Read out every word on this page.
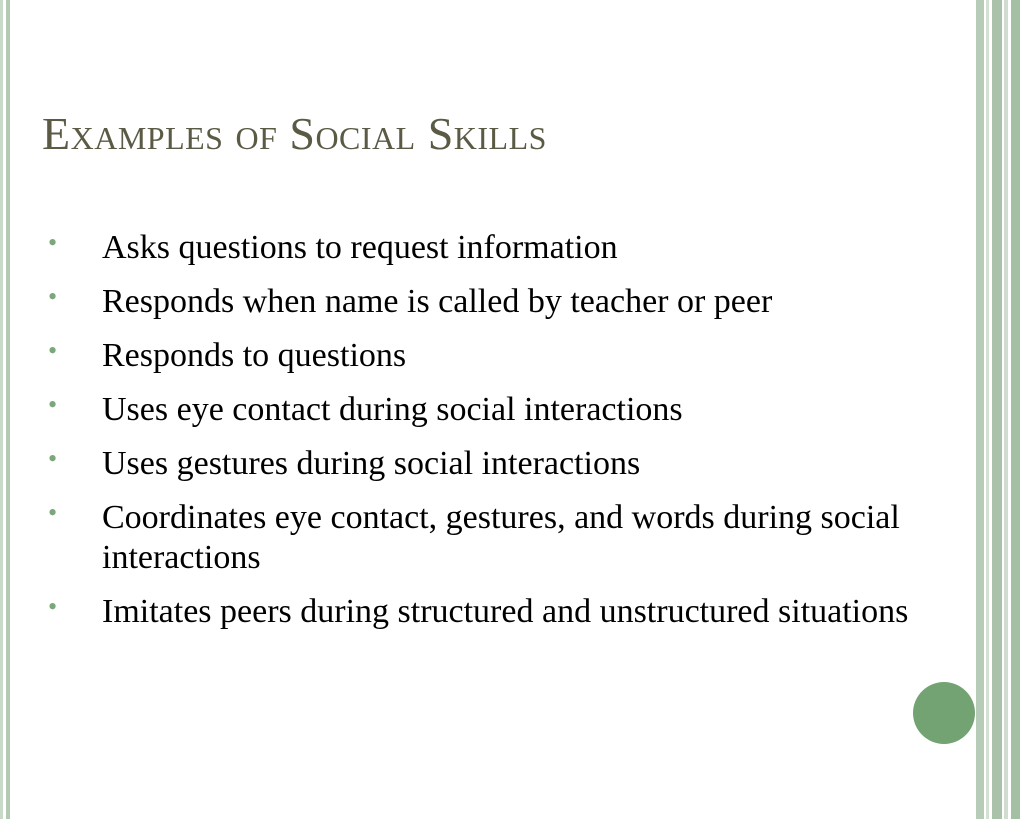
Examples of Social Skills
• Asks questions to request information
• Responds when name is called by teacher or peer
• Responds to questions
• Uses eye contact during social interactions
• Uses gestures during social interactions
• Coordinates eye contact, gestures, and words during social interactions
• Imitates peers during structured and unstructured situations
